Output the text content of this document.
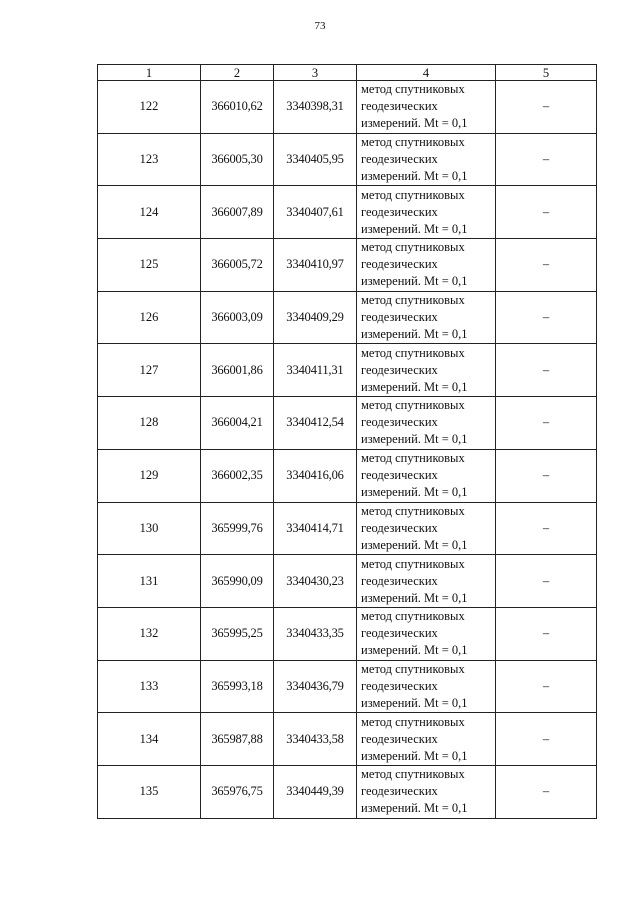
73
1	2	3	4	5
122	366010,62	3340398,31	метод спутниковых
геодезических
измерений. Mt = 0,1	–
123	366005,30	3340405,95	метод спутниковых
геодезических
измерений. Mt = 0,1	–
124	366007,89	3340407,61	метод спутниковых
геодезических
измерений. Mt = 0,1	–
125	366005,72	3340410,97	метод спутниковых
геодезических
измерений. Mt = 0,1	–
126	366003,09	3340409,29	метод спутниковых
геодезических
измерений. Mt = 0,1	–
127	366001,86	3340411,31	метод спутниковых
геодезических
измерений. Mt = 0,1	–
128	366004,21	3340412,54	метод спутниковых
геодезических
измерений. Mt = 0,1	–
129	366002,35	3340416,06	метод спутниковых
геодезических
измерений. Mt = 0,1	–
130	365999,76	3340414,71	метод спутниковых
геодезических
измерений. Mt = 0,1	–
131	365990,09	3340430,23	метод спутниковых
геодезических
измерений. Mt = 0,1	–
132	365995,25	3340433,35	метод спутниковых
геодезических
измерений. Mt = 0,1	–
133	365993,18	3340436,79	метод спутниковых
геодезических
измерений. Mt = 0,1	–
134	365987,88	3340433,58	метод спутниковых
геодезических
измерений. Mt = 0,1	–
135	365976,75	3340449,39	метод спутниковых
геодезических
измерений. Mt = 0,1	–
